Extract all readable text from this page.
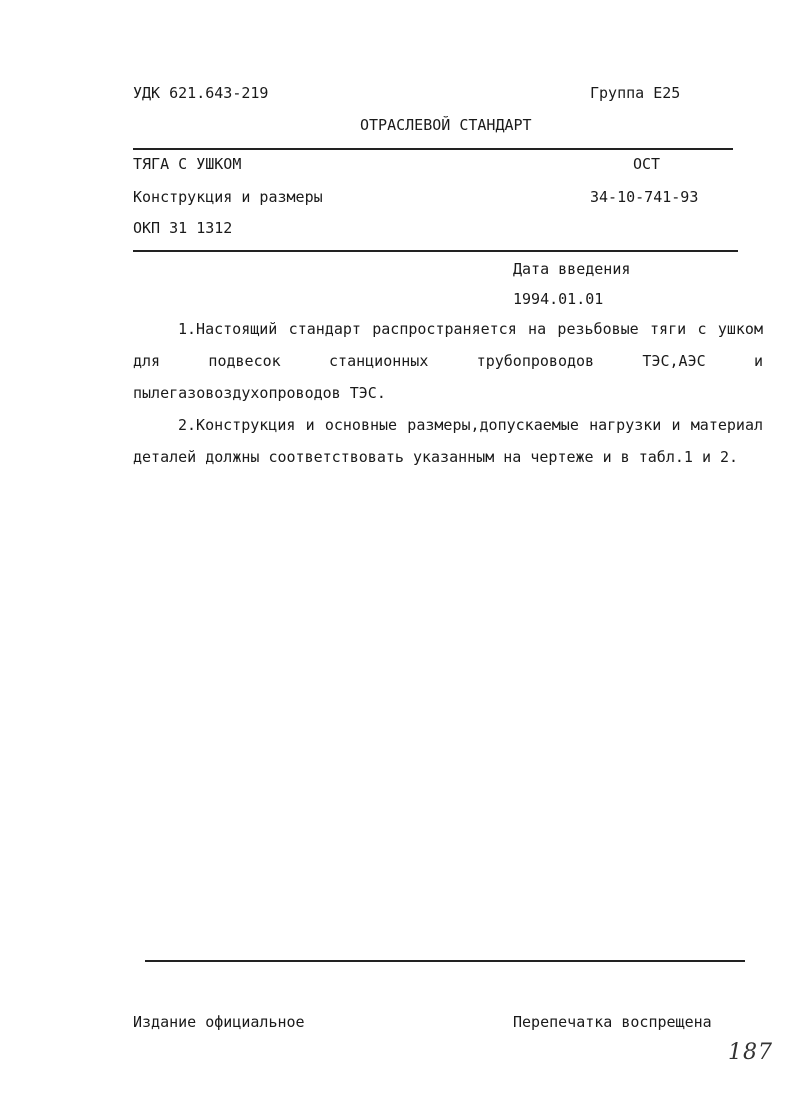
УДК 621.643-219	Группа Е25
ОТРАСЛЕВОЙ СТАНДАРТ
ТЯГА С УШКОМ	ОСТ
Конструкция и размеры	34-10-741-93
ОКП 31 1312
Дата введения
1994.01.01
1.Настоящий стандарт распространяется на резьбовые тяги с ушком для подвесок станционных трубопроводов ТЭС,АЭС и пылегазовоздухопроводов ТЭС.
2.Конструкция и основные размеры,допускаемые нагрузки и материал деталей должны соответствовать указанным на чертеже и в табл.1 и 2.
Издание официальное	Перепечатка воспрещена
187
